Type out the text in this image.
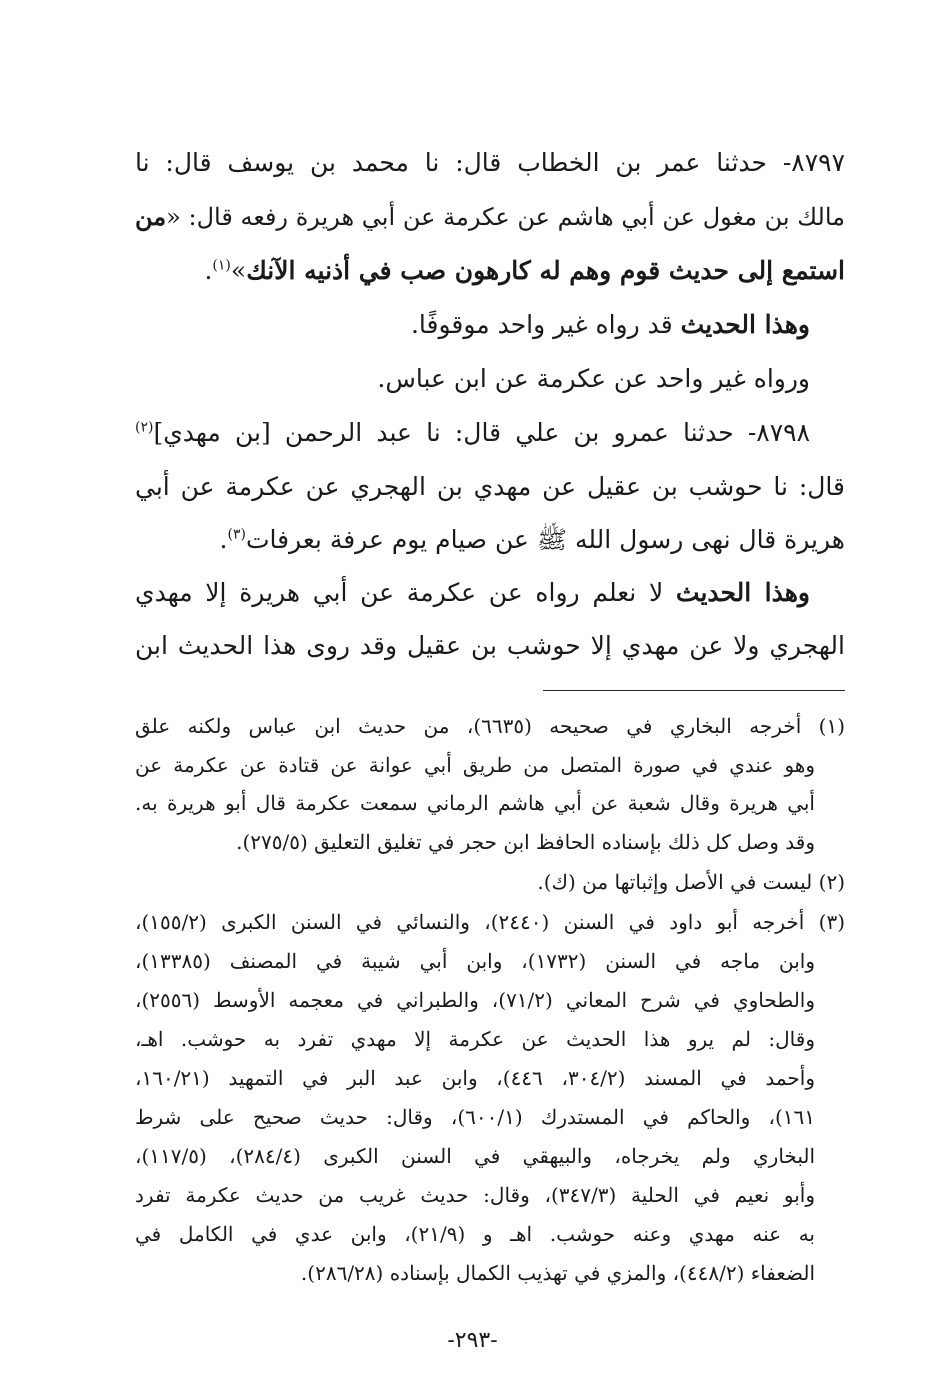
٨٧٩٧- حدثنا عمر بن الخطاب قال: نا محمد بن يوسف قال: نا
مالك بن مغول عن أبي هاشم عن عكرمة عن أبي هريرة رفعه قال: «من
استمع إلى حديث قوم وهم له كارهون صب في أذنيه الآنك»$^{(١)}$.
وهذا الحديث قد رواه غير واحد موقوفًا.
ورواه غير واحد عن عكرمة عن ابن عباس.
٨٧٩٨- حدثنا عمرو بن علي قال: نا عبد الرحمن [بن مهدي]$^{(٢)}$
قال: نا حوشب بن عقيل عن مهدي بن الهجري عن عكرمة عن أبي
هريرة قال نهى رسول الله ﷺ عن صيام يوم عرفة بعرفات$^{(٣)}$.
وهذا الحديث لا نعلم رواه عن عكرمة عن أبي هريرة إلا مهدي
الهجري ولا عن مهدي إلا حوشب بن عقيل وقد روى هذا الحديث ابن
(١) أخرجه البخاري في صحيحه (٦٦٣٥)، من حديث ابن عباس ولكنه علق
وهو عندي في صورة المتصل من طريق أبي عوانة عن قتادة عن عكرمة عن
أبي هريرة وقال شعبة عن أبي هاشم الرماني سمعت عكرمة قال أبو هريرة به.
وقد وصل كل ذلك بإسناده الحافظ ابن حجر في تغليق التعليق (٢٧٥/٥).
(٢) ليست في الأصل وإثباتها من (ك).
(٣) أخرجه أبو داود في السنن (٢٤٤٠)، والنسائي في السنن الكبرى (١٥٥/٢)،
وابن ماجه في السنن (١٧٣٢)، وابن أبي شيبة في المصنف (١٣٣٨٥)،
والطحاوي في شرح المعاني (٧١/٢)، والطبراني في معجمه الأوسط (٢٥٥٦)،
وقال: لم يرو هذا الحديث عن عكرمة إلا مهدي تفرد به حوشب. اهـ،
وأحمد في المسند (٣٠٤/٢، ٤٤٦)، وابن عبد البر في التمهيد (١٦٠/٢١،
١٦١)، والحاكم في المستدرك (٦٠٠/١)، وقال: حديث صحيح على شرط
البخاري ولم يخرجاه، والبيهقي في السنن الكبرى (٢٨٤/٤)، (١١٧/٥)،
وأبو نعيم في الحلية (٣٤٧/٣)، وقال: حديث غريب من حديث عكرمة تفرد
به عنه مهدي وعنه حوشب. اهـ و (٢١/٩)، وابن عدي في الكامل في
الضعفاء (٤٤٨/٢)، والمزي في تهذيب الكمال بإسناده (٢٨٦/٢٨).
-٢٩٣-
